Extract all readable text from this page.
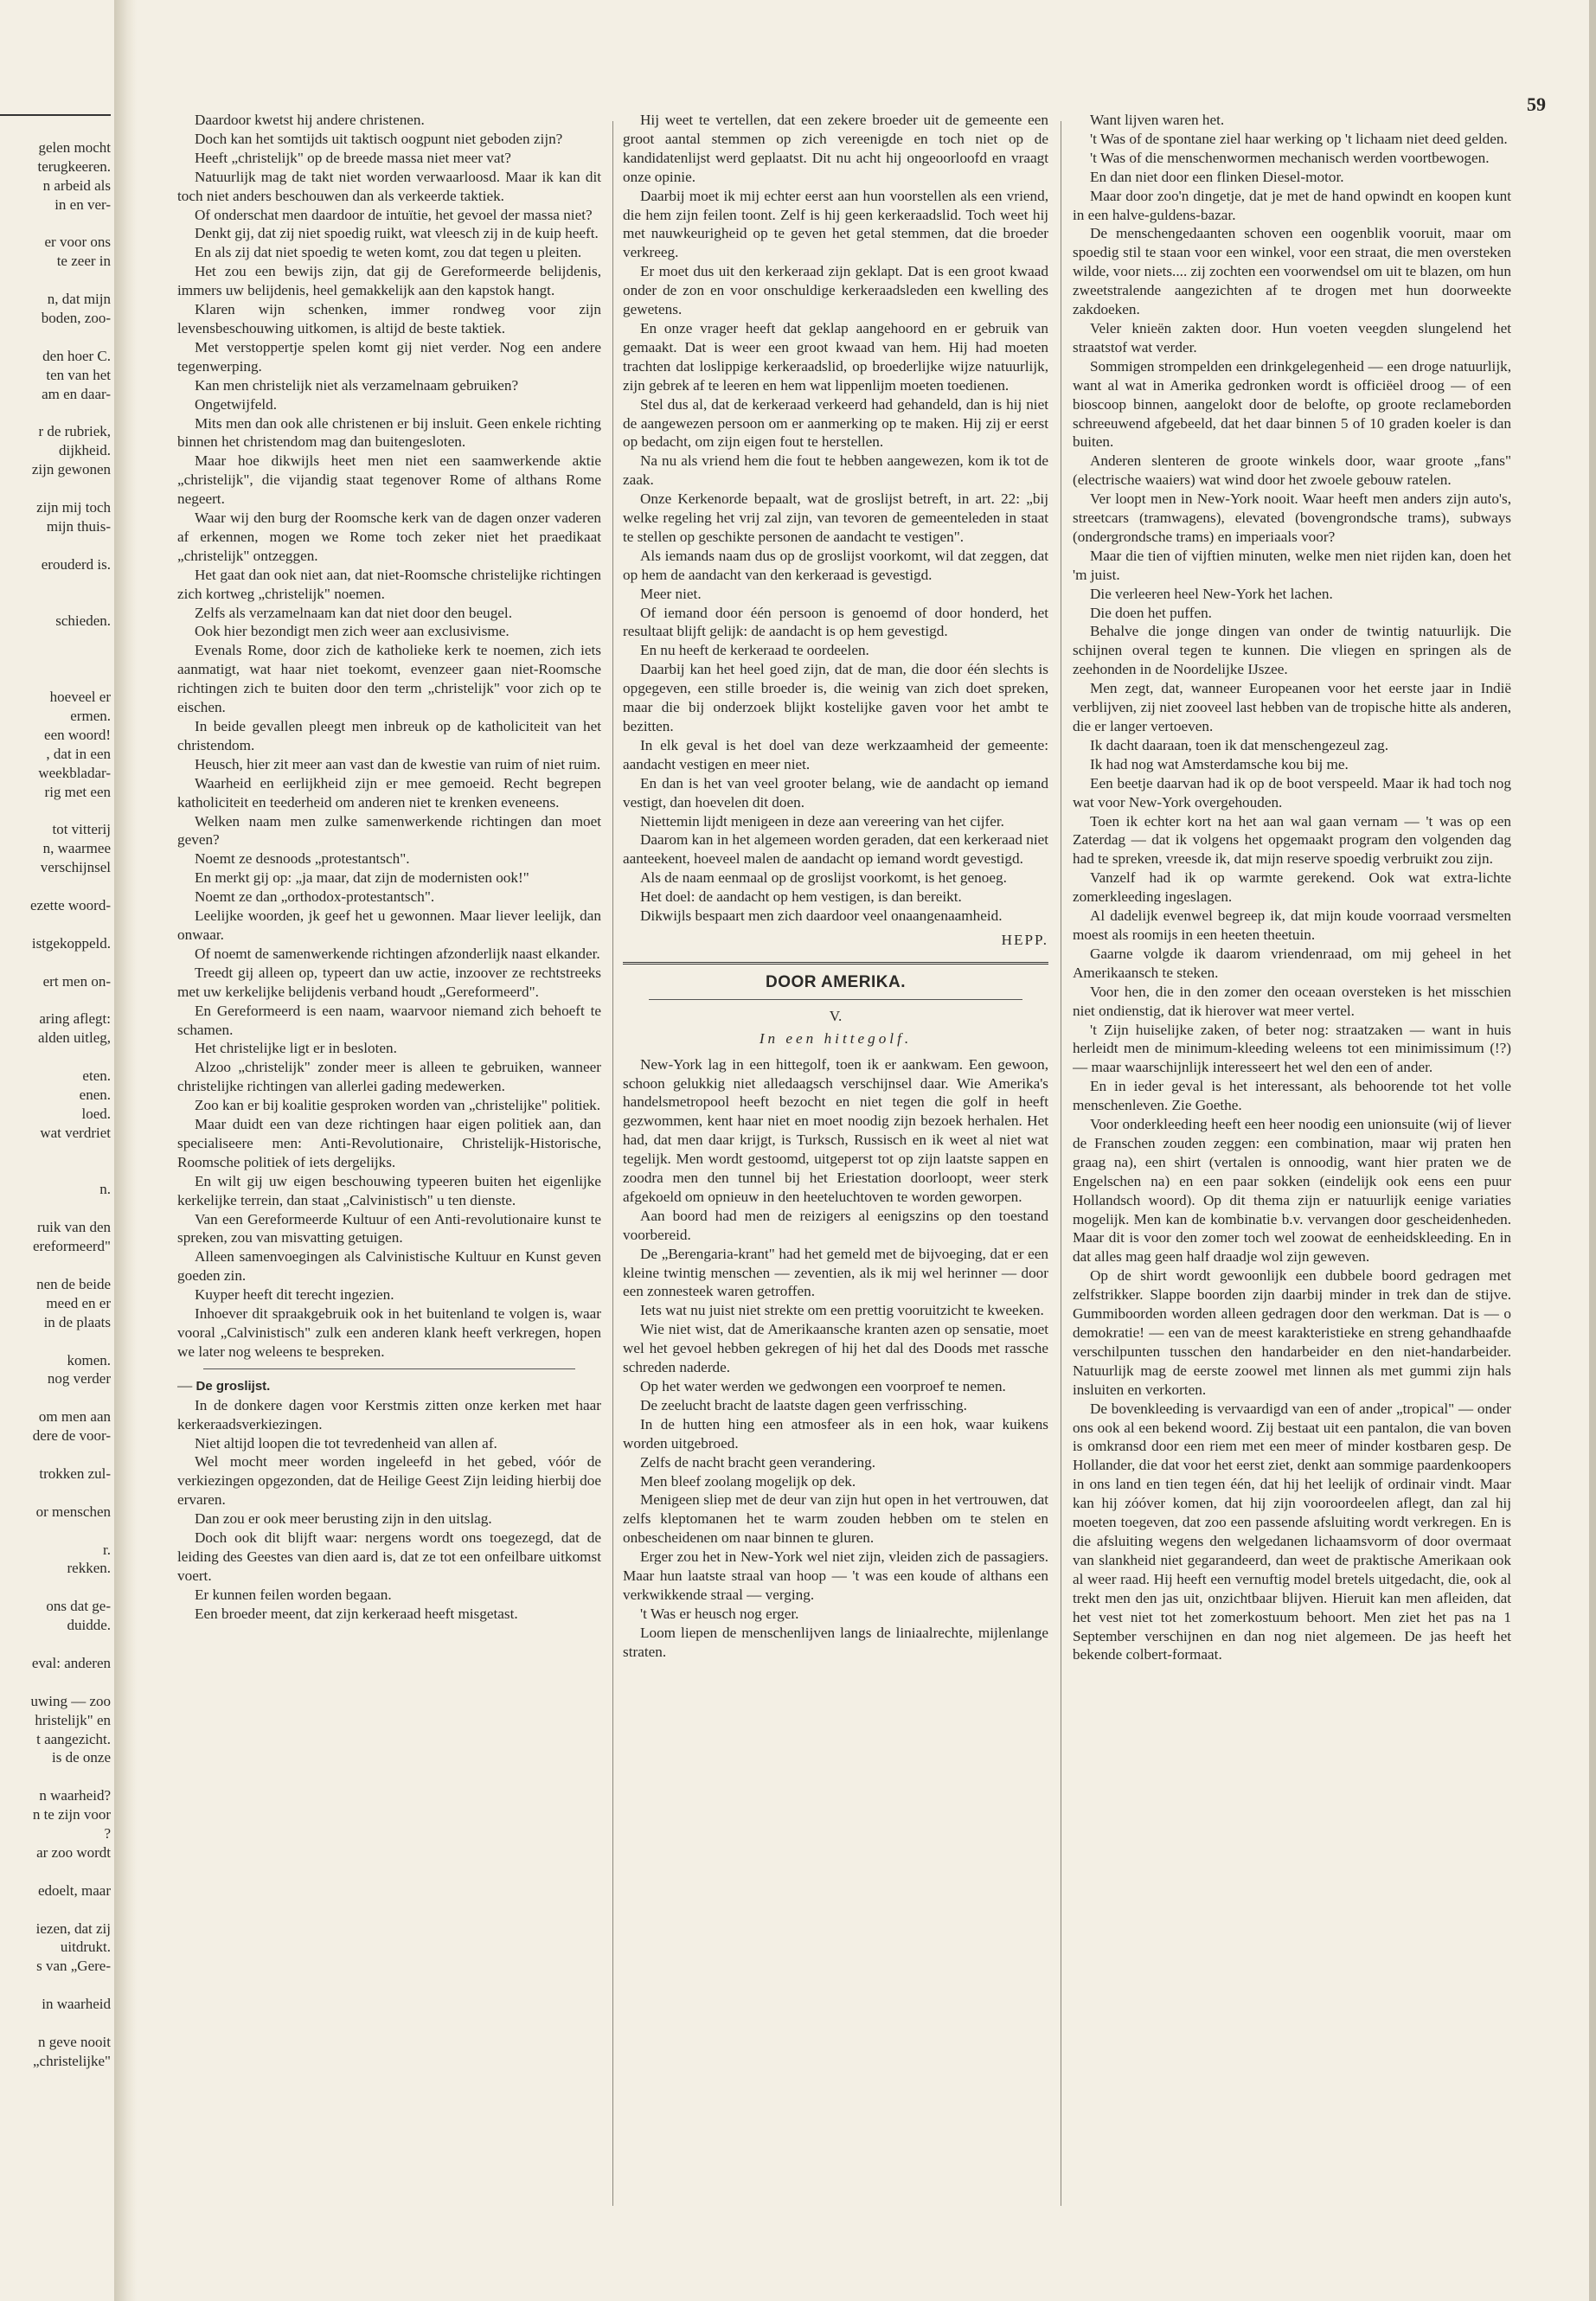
59
gelen mocht
terugkeeren.
n arbeid als
in en ver-
er voor ons
te zeer in
n, dat mijn
boden, zoo-
den hoer C.
ten van het
am en daar-
r de rubriek,
dijkheid.
zijn gewonen
zijn mij toch
mijn thuis-
erouderd is.
schieden.
hoeveel er
ermen.
een woord!
, dat in een
weekbladar-
rig met een
tot vitterij
n, waarmee
verschijnsel
ezette woord-
istgekoppeld.
ert men on-
aring aflegt:
alden uitleg,
eten.
enen.
loed.
wat verdriet
n.
ruik van den
ereformeerd"
nen de beide
meed en er
in de plaats
komen.
nog verder
om men aan
dere de voor-
trokken zul-
or menschen
r.
rekken.
ons dat ge-
duidde.
eval: anderen
uwing — zoo
hristelijk" en
t aangezicht.
is de onze
n waarheid?
n te zijn voor
?
ar zoo wordt
edoelt, maar
iezen, dat zij
uitdrukt.
s van „Gere-
in waarheid
n geve nooit
„christelijke"

Daardoor kwetst hij andere christenen.

Doch kan het somtijds uit taktisch oogpunt niet geboden zijn?

Heeft „christelijk" op de breede massa niet meer vat?

Natuurlijk mag de takt niet worden verwaarloosd. Maar ik kan dit toch niet anders beschouwen dan als verkeerde taktiek.

Of onderschat men daardoor de intuïtie, het gevoel der massa niet?

Denkt gij, dat zij niet spoedig ruikt, wat vleesch zij in de kuip heeft.

En als zij dat niet spoedig te weten komt, zou dat tegen u pleiten.

Het zou een bewijs zijn, dat gij de Gereformeerde belijdenis, immers uw belijdenis, heel gemakkelijk aan den kapstok hangt.

Klaren wijn schenken, immer rondweg voor zijn levensbeschouwing uitkomen, is altijd de beste taktiek.

Met verstoppertje spelen komt gij niet verder. Nog een andere tegenwerping.

Kan men christelijk niet als verzamelnaam gebruiken?

Ongetwijfeld.

Mits men dan ook alle christenen er bij insluit. Geen enkele richting binnen het christendom mag dan buitengesloten.

Maar hoe dikwijls heet men niet een saamwerkende aktie „christelijk", die vijandig staat tegenover Rome of althans Rome negeert.

Waar wij den burg der Roomsche kerk van de dagen onzer vaderen af erkennen, mogen we Rome toch zeker niet het praedikaat „christelijk" ontzeggen.

Het gaat dan ook niet aan, dat niet-Roomsche christelijke richtingen zich kortweg „christelijk" noemen.

Zelfs als verzamelnaam kan dat niet door den beugel.

Ook hier bezondigt men zich weer aan exclusivisme.

Evenals Rome, door zich de katholieke kerk te noemen, zich iets aanmatigt, wat haar niet toekomt, evenzeer gaan niet-Roomsche richtingen zich te buiten door den term „christelijk" voor zich op te eischen.

In beide gevallen pleegt men inbreuk op de katholiciteit van het christendom.

Heusch, hier zit meer aan vast dan de kwestie van ruim of niet ruim.

Waarheid en eerlijkheid zijn er mee gemoeid. Recht begrepen katholiciteit en teederheid om anderen niet te krenken eveneens.

Welken naam men zulke samenwerkende richtingen dan moet geven?

Noemt ze desnoods „protestantsch".

En merkt gij op: „ja maar, dat zijn de modernisten ook!"

Noemt ze dan „orthodox-protestantsch".

Leelijke woorden, jk geef het u gewonnen. Maar liever leelijk, dan onwaar.

Of noemt de samenwerkende richtingen afzonderlijk naast elkander.

Treedt gij alleen op, typeert dan uw actie, inzoover ze rechtstreeks met uw kerkelijke belijdenis verband houdt „Gereformeerd".

En Gereformeerd is een naam, waarvoor niemand zich behoeft te schamen.

Het christelijke ligt er in besloten.

Alzoo „christelijk" zonder meer is alleen te gebruiken, wanneer christelijke richtingen van allerlei gading medewerken.

Zoo kan er bij koalitie gesproken worden van „christelijke" politiek.

Maar duidt een van deze richtingen haar eigen politiek aan, dan specialiseere men: Anti-Revolutionaire, Christelijk-Historische, Roomsche politiek of iets dergelijks.

En wilt gij uw eigen beschouwing typeeren buiten het eigenlijke kerkelijke terrein, dan staat „Calvinistisch" u ten dienste.

Van een Gereformeerde Kultuur of een Anti-revolutionaire kunst te spreken, zou van misvatting getuigen.

Alleen samenvoegingen als Calvinistische Kultuur en Kunst geven goeden zin.

Kuyper heeft dit terecht ingezien.

Inhoever dit spraakgebruik ook in het buitenland te volgen is, waar vooral „Calvinistisch" zulk een anderen klank heeft verkregen, hopen we later nog weleens te bespreken.

— De groslijst.

In de donkere dagen voor Kerstmis zitten onze kerken met haar kerkeraadsverkiezingen.

Niet altijd loopen die tot tevredenheid van allen af.

Wel mocht meer worden ingeleefd in het gebed, vóór de verkiezingen opgezonden, dat de Heilige Geest Zijn leiding hierbij doe ervaren.

Dan zou er ook meer berusting zijn in den uitslag.

Doch ook dit blijft waar: nergens wordt ons toegezegd, dat de leiding des Geestes van dien aard is, dat ze tot een onfeilbare uitkomst voert.

Er kunnen feilen worden begaan.

Een broeder meent, dat zijn kerkeraad heeft misgetast.

Hij weet te vertellen, dat een zekere broeder uit de gemeente een groot aantal stemmen op zich vereenigde en toch niet op de kandidatenlijst werd geplaatst. Dit nu acht hij ongeoorloofd en vraagt onze opinie.

Daarbij moet ik mij echter eerst aan hun voorstellen als een vriend, die hem zijn feilen toont. Zelf is hij geen kerkeraadslid. Toch weet hij met nauwkeurigheid op te geven het getal stemmen, dat die broeder verkreeg.

Er moet dus uit den kerkeraad zijn geklapt. Dat is een groot kwaad onder de zon en voor onschuldige kerkeraadsleden een kwelling des gewetens.

En onze vrager heeft dat geklap aangehoord en er gebruik van gemaakt. Dat is weer een groot kwaad van hem. Hij had moeten trachten dat loslippige kerkeraadslid, op broederlijke wijze natuurlijk, zijn gebrek af te leeren en hem wat lippenlijm moeten toedienen.

Stel dus al, dat de kerkeraad verkeerd had gehandeld, dan is hij niet de aangewezen persoon om er aanmerking op te maken. Hij zij er eerst op bedacht, om zijn eigen fout te herstellen.

Na nu als vriend hem die fout te hebben aangewezen, kom ik tot de zaak.

Onze Kerkenorde bepaalt, wat de groslijst betreft, in art. 22: „bij welke regeling het vrij zal zijn, van tevoren de gemeenteleden in staat te stellen op geschikte personen de aandacht te vestigen".

Als iemands naam dus op de groslijst voorkomt, wil dat zeggen, dat op hem de aandacht van den kerkeraad is gevestigd.

Meer niet.

Of iemand door één persoon is genoemd of door honderd, het resultaat blijft gelijk: de aandacht is op hem gevestigd.

En nu heeft de kerkeraad te oordeelen.

Daarbij kan het heel goed zijn, dat de man, die door één slechts is opgegeven, een stille broeder is, die weinig van zich doet spreken, maar die bij onderzoek blijkt kostelijke gaven voor het ambt te bezitten.

In elk geval is het doel van deze werkzaamheid der gemeente: aandacht vestigen en meer niet.

En dan is het van veel grooter belang, wie de aandacht op iemand vestigt, dan hoevelen dit doen.

Niettemin lijdt menigeen in deze aan vereering van het cijfer.

Daarom kan in het algemeen worden geraden, dat een kerkeraad niet aanteekent, hoeveel malen de aandacht op iemand wordt gevestigd.

Als de naam eenmaal op de groslijst voorkomt, is het genoeg.

Het doel: de aandacht op hem vestigen, is dan bereikt.

Dikwijls bespaart men zich daardoor veel onaangenaamheid.

HEPP.
DOOR AMERIKA.
V.
In een hittegolf.

New-York lag in een hittegolf, toen ik er aankwam. Een gewoon, schoon gelukkig niet alledaagsch verschijnsel daar. Wie Amerika's handelsmetropool heeft bezocht en niet tegen die golf in heeft gezwommen, kent haar niet en moet noodig zijn bezoek herhalen. Het had, dat men daar krijgt, is Turksch, Russisch en ik weet al niet wat tegelijk. Men wordt gestoomd, uitgeperst tot op zijn laatste sappen en zoodra men den tunnel bij het Eriestation doorloopt, weer sterk afgekoeld om opnieuw in den heeteluchtoven te worden geworpen.

Aan boord had men de reizigers al eenigszins op den toestand voorbereid.

De „Berengaria-krant" had het gemeld met de bijvoeging, dat er een kleine twintig menschen — zeventien, als ik mij wel herinner — door een zonnesteek waren getroffen.

Iets wat nu juist niet strekte om een prettig vooruitzicht te kweeken.

Wie niet wist, dat de Amerikaansche kranten azen op sensatie, moet wel het gevoel hebben gekregen of hij het dal des Doods met rassche schreden naderde.

Op het water werden we gedwongen een voorproef te nemen.

De zeelucht bracht de laatste dagen geen verfrissching.

In de hutten hing een atmosfeer als in een hok, waar kuikens worden uitgebroed.

Zelfs de nacht bracht geen verandering.

Men bleef zoolang mogelijk op dek.

Menigeen sliep met de deur van zijn hut open in het vertrouwen, dat zelfs kleptomanen het te warm zouden hebben om te stelen en onbescheidenen om naar binnen te gluren.

Erger zou het in New-York wel niet zijn, vleiden zich de passagiers. Maar hun laatste straal van hoop — 't was een koude of althans een verkwikkende straal — verging.

't Was er heusch nog erger.

Loom liepen de menschenlijven langs de liniaalrechte, mijlenlange straten.

Want lijven waren het.

't Was of de spontane ziel haar werking op 't lichaam niet deed gelden.

't Was of die menschenwormen mechanisch werden voortbewogen.

En dan niet door een flinken Diesel-motor.

Maar door zoo'n dingetje, dat je met de hand opwindt en koopen kunt in een halve-guldens-bazar.

De menschengedaanten schoven een oogenblik vooruit, maar om spoedig stil te staan voor een winkel, voor een straat, die men oversteken wilde, voor niets.... zij zochten een voorwendsel om uit te blazen, om hun zweetstralende aangezichten af te drogen met hun doorweekte zakdoeken.

Veler knieën zakten door. Hun voeten veegden slungelend het straatstof wat verder.

Sommigen strompelden een drinkgelegenheid — een droge natuurlijk, want al wat in Amerika gedronken wordt is officiëel droog — of een bioscoop binnen, aangelokt door de belofte, op groote reclameborden schreeuwend afgebeeld, dat het daar binnen 5 of 10 graden koeler is dan buiten.

Anderen slenteren de groote winkels door, waar groote „fans" (electrische waaiers) wat wind door het zwoele gebouw ratelen.

Ver loopt men in New-York nooit. Waar heeft men anders zijn auto's, streetcars (tramwagens), elevated (bovengrondsche trams), subways (ondergrondsche trams) en imperiaals voor?

Maar die tien of vijftien minuten, welke men niet rijden kan, doen het 'm juist.

Die verleeren heel New-York het lachen.

Die doen het puffen.

Behalve die jonge dingen van onder de twintig natuurlijk. Die schijnen overal tegen te kunnen. Die vliegen en springen als de zeehonden in de Noordelijke IJszee.

Men zegt, dat, wanneer Europeanen voor het eerste jaar in Indië verblijven, zij niet zooveel last hebben van de tropische hitte als anderen, die er langer vertoeven.

Ik dacht daaraan, toen ik dat menschengezeul zag.

Ik had nog wat Amsterdamsche kou bij me.

Een beetje daarvan had ik op de boot verspeeld. Maar ik had toch nog wat voor New-York overgehouden.

Toen ik echter kort na het aan wal gaan vernam — 't was op een Zaterdag — dat ik volgens het opgemaakt program den volgenden dag had te spreken, vreesde ik, dat mijn reserve spoedig verbruikt zou zijn.

Vanzelf had ik op warmte gerekend. Ook wat extra-lichte zomerkleeding ingeslagen.

Al dadelijk evenwel begreep ik, dat mijn koude voorraad versmelten moest als roomijs in een heeten theetuin.

Gaarne volgde ik daarom vriendenraad, om mij geheel in het Amerikaansch te steken.

Voor hen, die in den zomer den oceaan oversteken is het misschien niet ondienstig, dat ik hierover wat meer vertel.

't Zijn huiselijke zaken, of beter nog: straatzaken — want in huis herleidt men de minimum-kleeding weleens tot een minimissimum (!?) — maar waarschijnlijk interesseert het wel den een of ander.

En in ieder geval is het interessant, als behoorende tot het volle menschenleven. Zie Goethe.

Voor onderkleeding heeft een heer noodig een unionsuite (wij of liever de Franschen zouden zeggen: een combination, maar wij praten hen graag na), een shirt (vertalen is onnoodig, want hier praten we de Engelschen na) en een paar sokken (eindelijk ook eens een puur Hollandsch woord). Op dit thema zijn er natuurlijk eenige variaties mogelijk. Men kan de kombinatie b.v. vervangen door gescheidenheden. Maar dit is voor den zomer toch wel zoowat de eenheidskleeding. En in dat alles mag geen half draadje wol zijn geweven.

Op de shirt wordt gewoonlijk een dubbele boord gedragen met zelfstrikker. Slappe boorden zijn daarbij minder in trek dan de stijve. Gummiboorden worden alleen gedragen door den werkman. Dat is — o demokratie! — een van de meest karakteristieke en streng gehandhaafde verschilpunten tusschen den handarbeider en den niet-handarbeider. Natuurlijk mag de eerste zoowel met linnen als met gummi zijn hals insluiten en verkorten.

De bovenkleeding is vervaardigd van een of ander „tropical" — onder ons ook al een bekend woord. Zij bestaat uit een pantalon, die van boven is omkransd door een riem met een meer of minder kostbaren gesp. De Hollander, die dat voor het eerst ziet, denkt aan sommige paardenkoopers in ons land en tien tegen één, dat hij het leelijk of ordinair vindt. Maar kan hij zóóver komen, dat hij zijn vooroordeelen aflegt, dan zal hij moeten toegeven, dat zoo een passende afsluiting wordt verkregen. En is die afsluiting wegens den welgedanen lichaamsvorm of door overmaat van slankheid niet gegarandeerd, dan weet de praktische Amerikaan ook al weer raad. Hij heeft een vernuftig model bretels uitgedacht, die, ook al trekt men den jas uit, onzichtbaar blijven. Hieruit kan men afleiden, dat het vest niet tot het zomerkostuum behoort. Men ziet het pas na 1 September verschijnen en dan nog niet algemeen. De jas heeft het bekende colbert-formaat.
